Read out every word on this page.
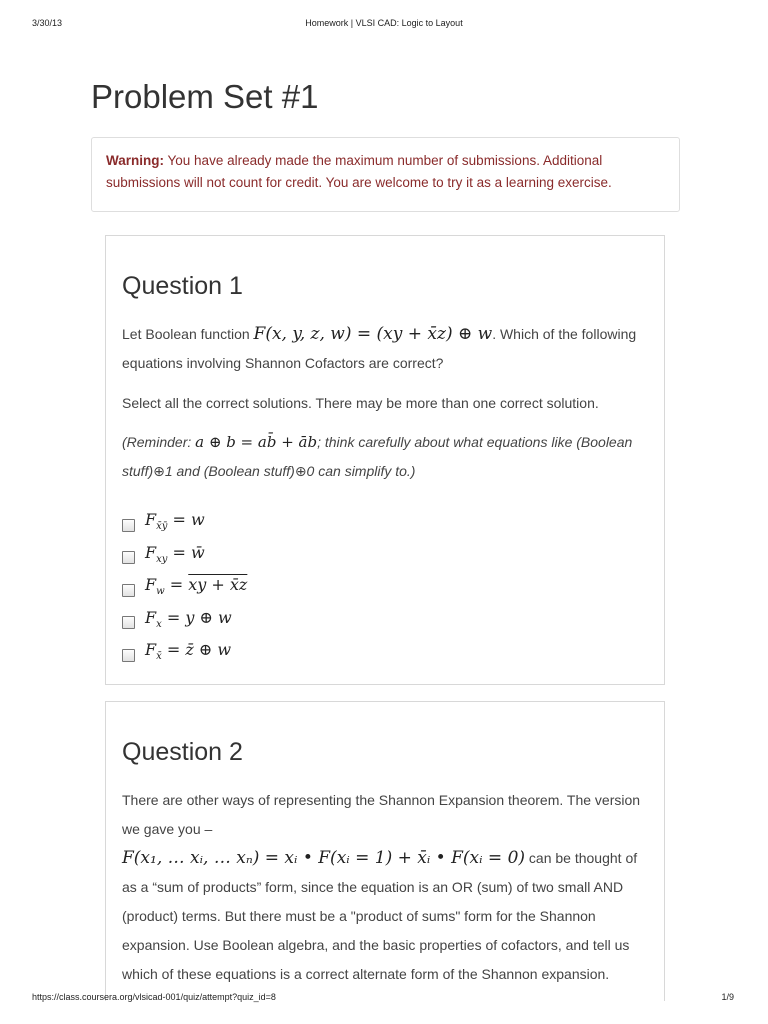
3/30/13	Homework | VLSI CAD: Logic to Layout
Problem Set #1
Warning: You have already made the maximum number of submissions. Additional submissions will not count for credit. You are welcome to try it as a learning exercise.
Question 1

Let Boolean function F(x, y, z, w) = (xy + x̄z) ⊕ w. Which of the following equations involving Shannon Cofactors are correct?

Select all the correct solutions. There may be more than one correct solution.

(Reminder: a ⊕ b = ab̄ + āb; think carefully about what equations like (Boolean stuff)⊕1 and (Boolean stuff)⊕0 can simplify to.)

$F_{x̄ȳ} = w$
$F_{xy}$ = w̄
$F_w$ = xy + x̄z
$F_x = y$ ⊕ w
$F_{x̄}$ = z̄ ⊕ w
Question 2

There are other ways of representing the Shannon Expansion theorem. The version we gave you –
F(x₁, … xᵢ, … xₙ) = xᵢ • F(xᵢ = 1) + x̄ᵢ • F(xᵢ = 0) can be thought of as a “sum of products” form, since the equation is an OR (sum) of two small AND (product) terms. But there must be a "product of sums" form for the Shannon expansion. Use Boolean algebra, and the basic properties of cofactors, and tell us which of these equations is a correct alternate form of the Shannon expansion.

https://class.coursera.org/vlsicad-001/quiz/attempt?quiz_id=8	1/9
